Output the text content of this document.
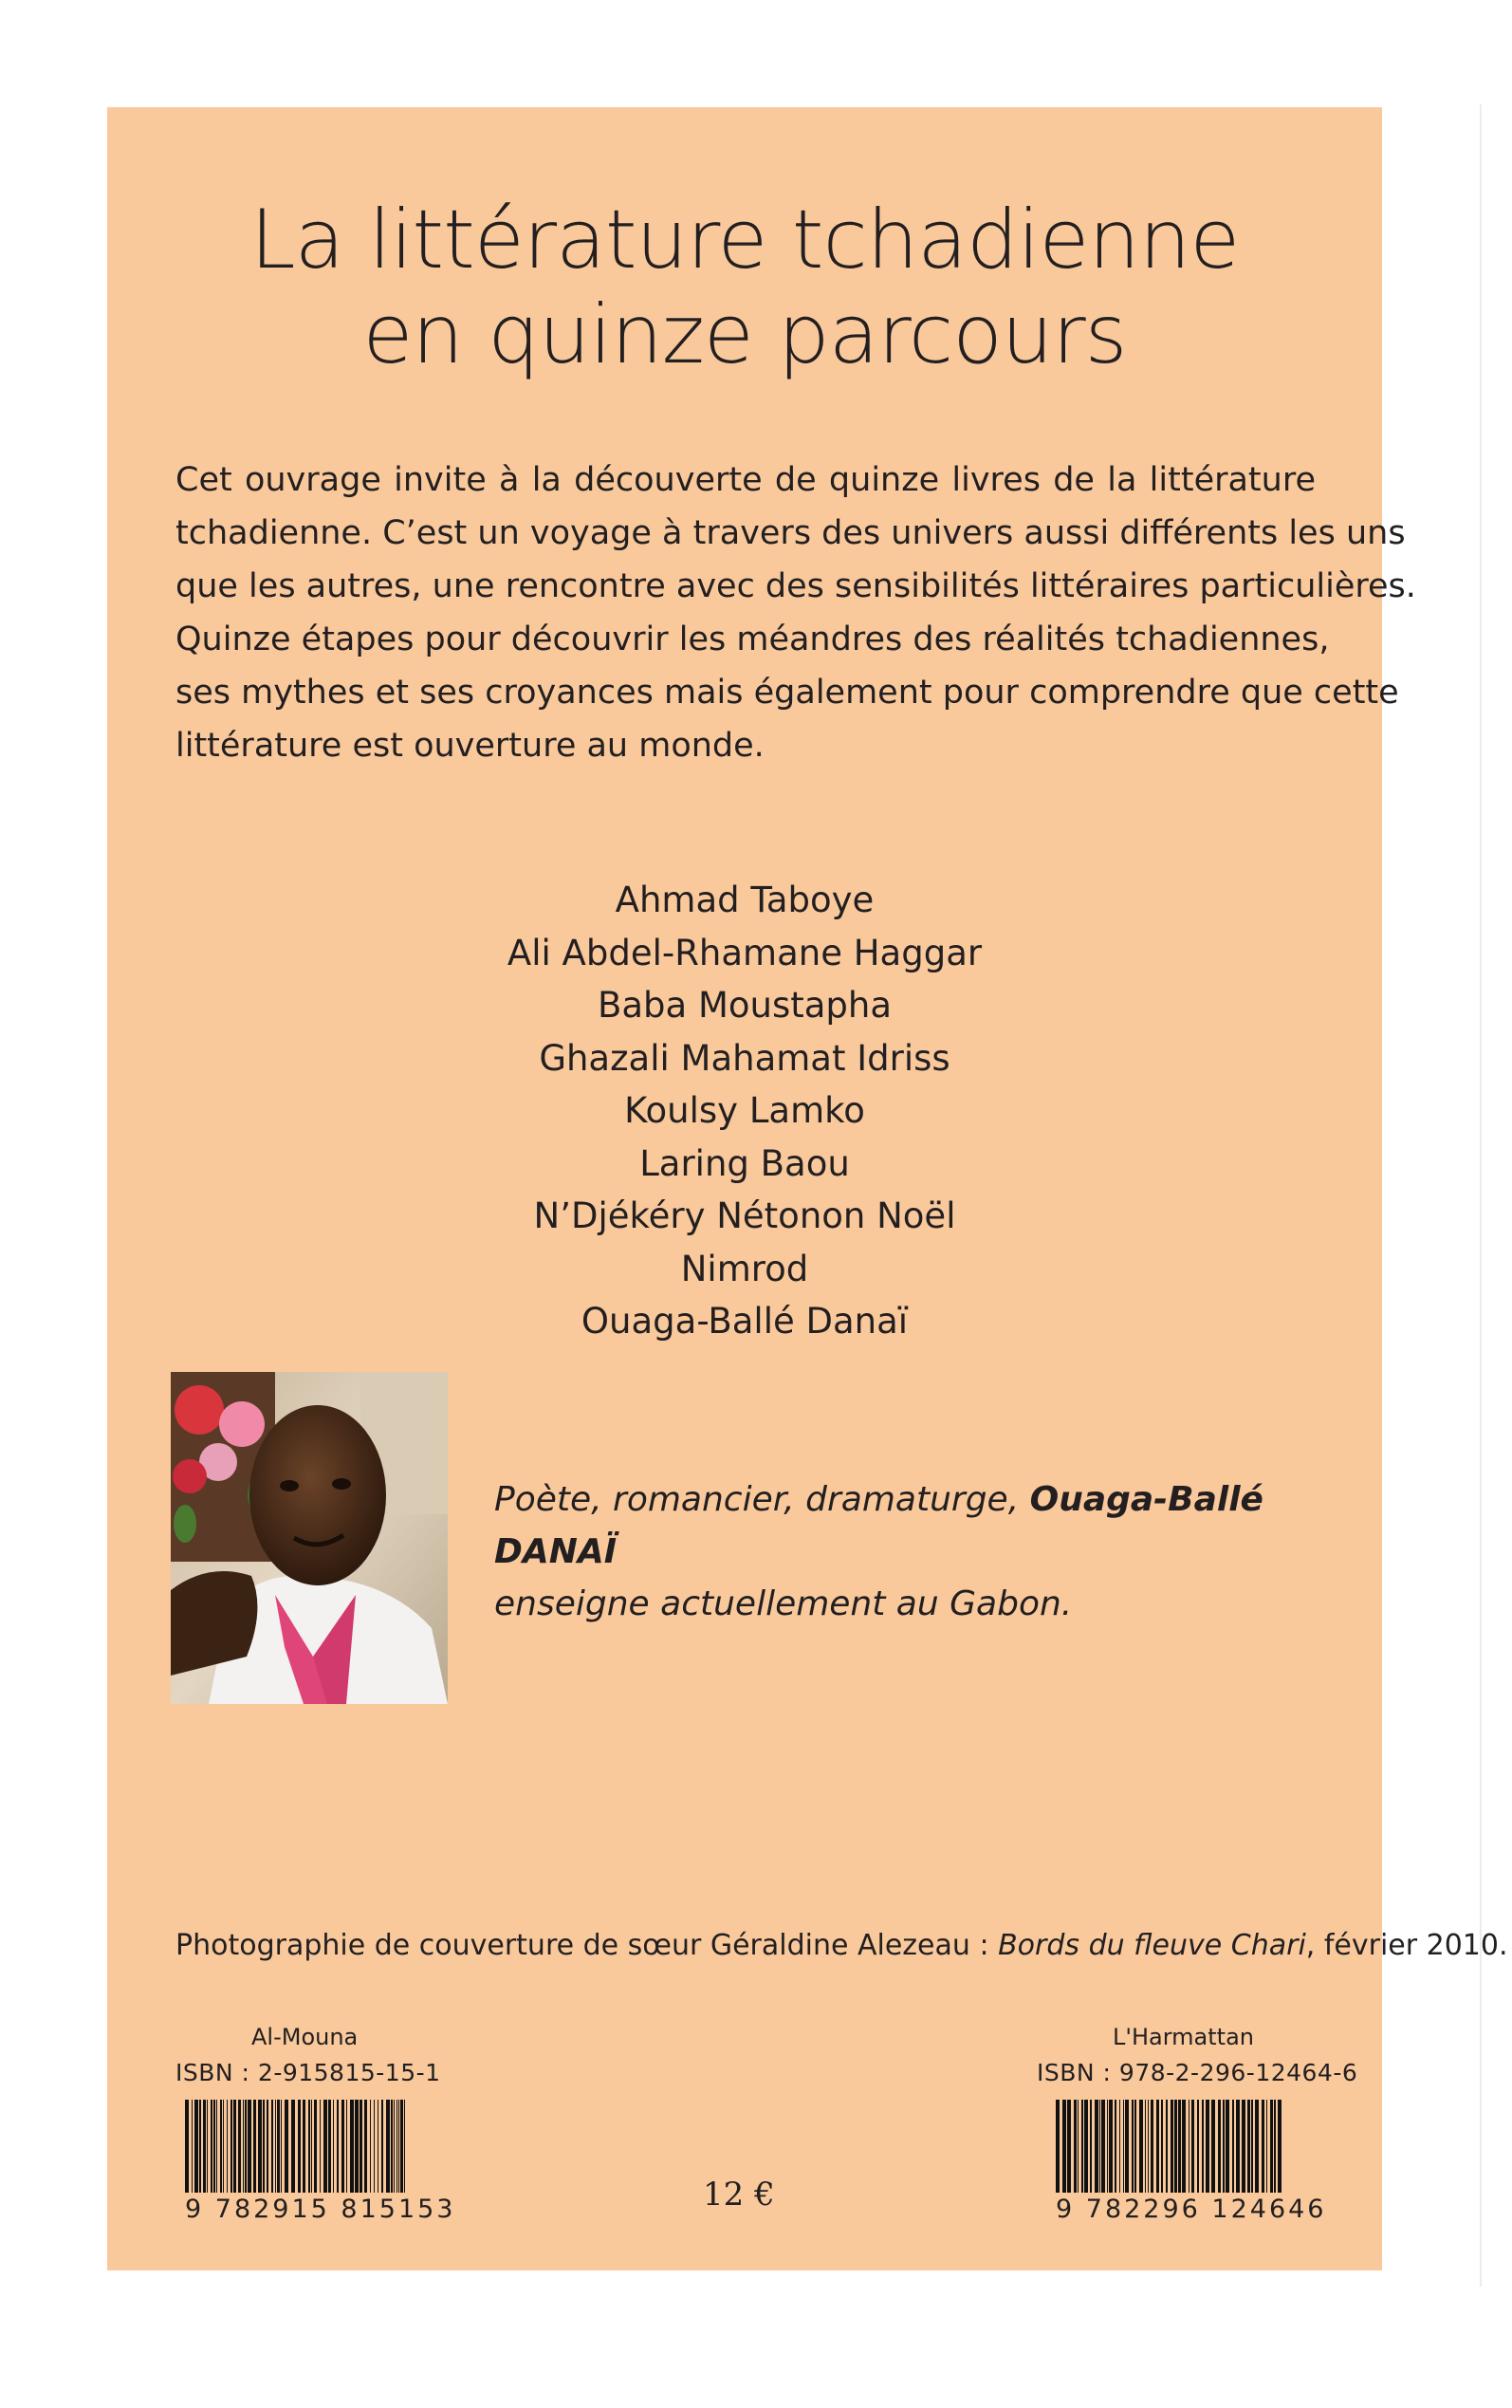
La littérature tchadienne
en quinze parcours
Cet ouvrage invite à la découverte de quinze livres de la littérature
tchadienne. C’est un voyage à travers des univers aussi différents les uns
que les autres, une rencontre avec des sensibilités littéraires particulières.
Quinze étapes pour découvrir les méandres des réalités tchadiennes,
ses mythes et ses croyances mais également pour comprendre que cette
littérature est ouverture au monde.
Ahmad Taboye
Ali Abdel-Rhamane Haggar
Baba Moustapha
Ghazali Mahamat Idriss
Koulsy Lamko
Laring Baou
N’Djékéry Nétonon Noël
Nimrod
Ouaga-Ballé Danaï
Poète, romancier, dramaturge, Ouaga-Ballé DANAÏ
enseigne actuellement au Gabon.
Photographie de couverture de sœur Géraldine Alezeau : Bords du fleuve Chari, février 2010.
Al-Mouna
ISBN : 2-915815-15-1
9 782915 815153	12 €
L'Harmattan
ISBN : 978-2-296-12464-6
9 782296 124646
